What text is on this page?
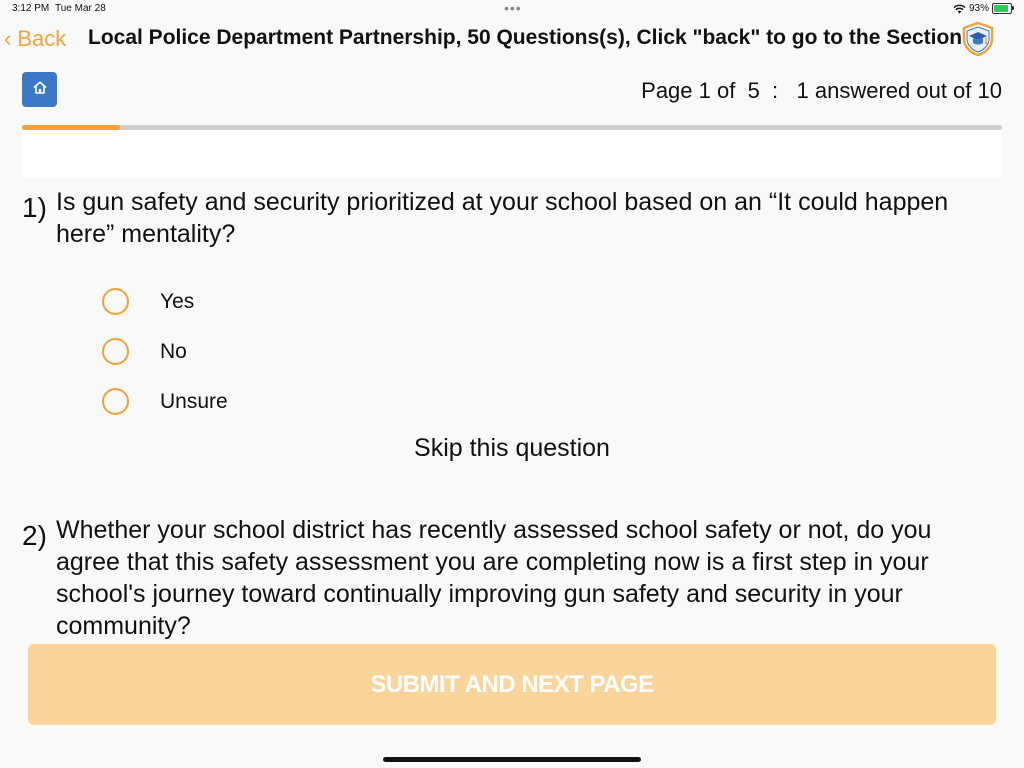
3:12 PM Tue Mar 28	•••	93%
‹ Back Local Police Department Partnership, 50 Questions(s), Click "back" to go to the Section
Page 1 of 5 : 1 answered out of 10
1) Is gun safety and security prioritized at your school based on an “It could happen here” mentality?
Yes
No
Unsure
Skip this question
2) Whether your school district has recently assessed school safety or not, do you agree that this safety assessment you are completing now is a first step in your school's journey toward continually improving gun safety and security in your community?
SUBMIT AND NEXT PAGE
